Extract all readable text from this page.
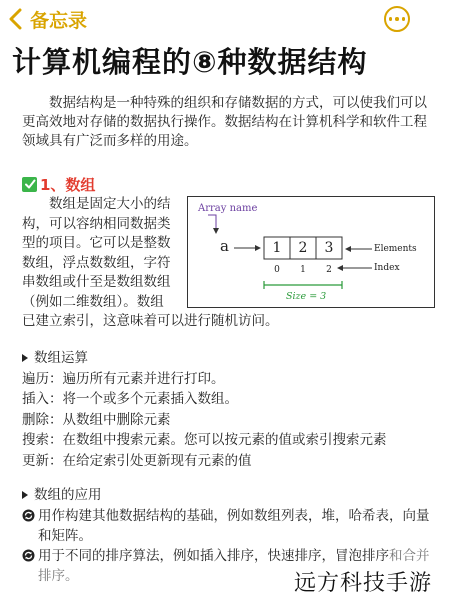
备忘录
计算机编程的⑧种数据结构
数据结构是一种特殊的组织和存储数据的方式，可以使我们可以更高效地对存储的数据执行操作。数据结构在计算机科学和软件工程领域具有广泛而多样的用途。
1、数组
数组是固定大小的结
构，可以容纳相同数据类
型的项目。它可以是整数
数组，浮点数数组，字符
串数组或什至是数组数组
（例如二维数组）。数组
已建立索引，这意味着可以进行随机访问。
Array name
a	1	2	3
0	1	2
Elements
Index
Size = 3
数组运算
遍历：遍历所有元素并进行打印。
插入：将一个或多个元素插入数组。
删除：从数组中删除元素
搜索：在数组中搜索元素。您可以按元素的值或索引搜索元素
更新：在给定索引处更新现有元素的值
数组的应用
用作构建其他数据结构的基础，例如数组列表，堆，哈希表，向量和矩阵。
用于不同的排序算法，例如插入排序，快速排序，冒泡排序和合并排序。	远方科技手游
